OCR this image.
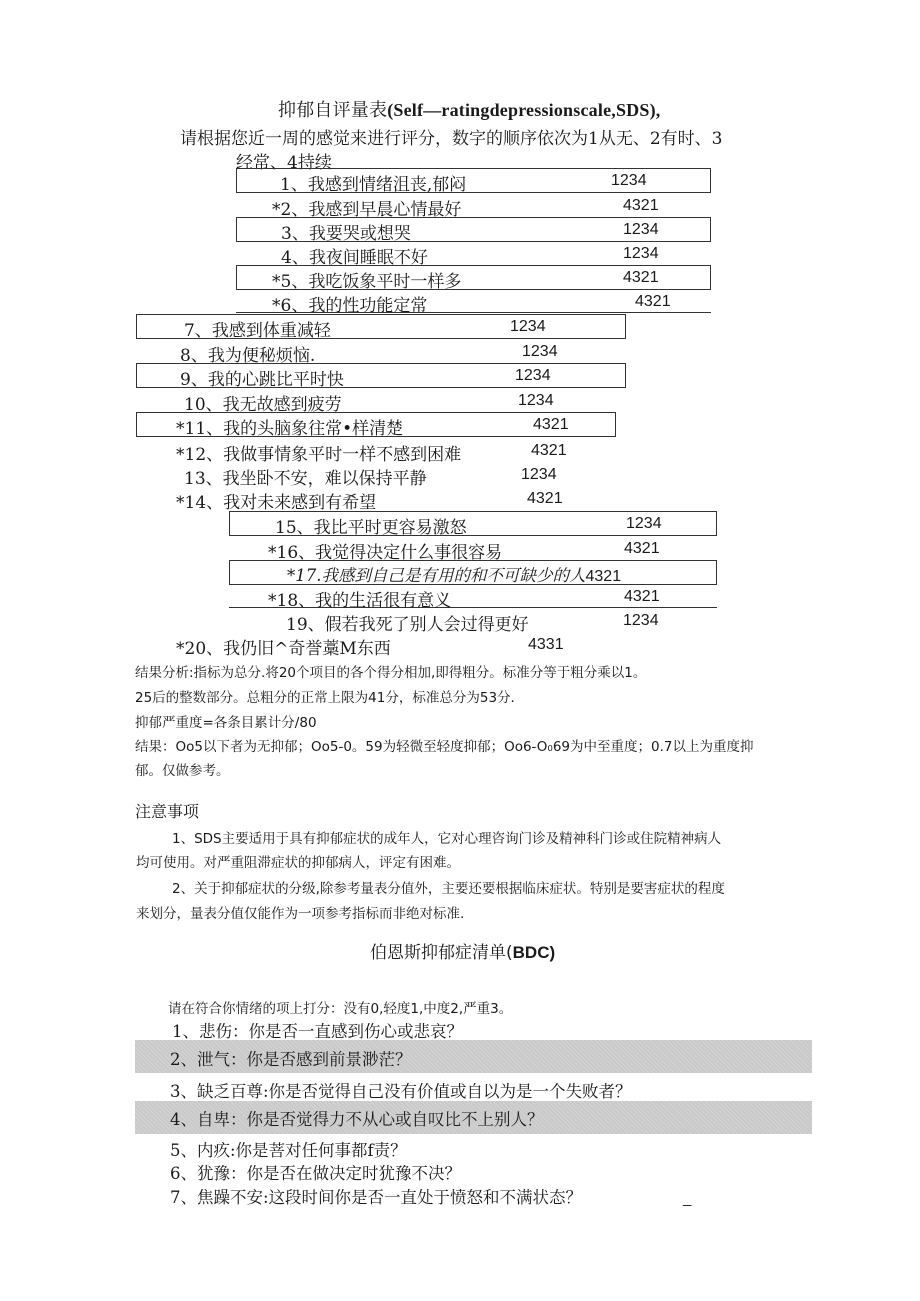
抑郁自评量表(Self—ratingdepressionscale,SDS),
请根据您近一周的感觉来进行评分，数字的顺序依次为1从无、2有时、3
经常、4持续
1、我感到情绪沮丧,郁闷	1234
*2、我感到早晨心情最好	4321
3、我要哭或想哭	1234
4、我夜间睡眠不好	1234
*5、我吃饭象平时一样多	4321
*6、我的性功能定常	4321
7、我感到体重减轻	1234
8、我为便秘烦恼.	1234
9、我的心跳比平时快	1234
10、我无故感到疲劳	1234
*11、我的头脑象往常•样清楚	4321
*12、我做事情象平时一样不感到困难	4321
13、我坐卧不安，难以保持平静	1234
*14、我对未来感到有希望	4321
15、我比平时更容易激怒	1234
*16、我觉得决定什么事很容易	4321
*17.我感到自己是有用的和不可缺少的人4321
*18、我的生活很有意义	4321
19、假若我死了别人会过得更好	1234
*20、我仍旧^奇誉藁M东西	4331
结果分析:指标为总分.将20个项目的各个得分相加,即得粗分。标准分等于粗分乘以1。
25后的整数部分。总粗分的正常上限为41分，标准总分为53分.
抑郁严重度=各条目累计分/80
结果：Oo5以下者为无抑郁；Oo5-0。59为轻微至轻度抑郁；Oo6-O₀69为中至重度；0.7以上为重度抑
郁。仅做参考。
注意事项
1、SDS主要适用于具有抑郁症状的成年人，它对心理咨询门诊及精神科门诊或住院精神病人
均可使用。对严重阻滞症状的抑郁病人，评定有困难。
2、关于抑郁症状的分级,除参考量表分值外，主要还要根据临床症状。特别是要害症状的程度
来划分，量表分值仅能作为一项参考指标而非绝对标准.
伯恩斯抑郁症清单(BDC)
请在符合你情绪的项上打分：没有0,轻度1,中度2,严重3。
1、悲伤：你是否一直感到伤心或悲哀？
2、泄气：你是否感到前景渺茫？
3、缺乏百尊:你是否觉得自己没有价值或自以为是一个失败者？
4、自卑：你是否觉得力不从心或自叹比不上别人？
5、内疚:你是菩对任何事都f责？
6、犹豫：你是否在做决定时犹豫不决？
7、焦躁不安:这段时间你是否一直处于愤怒和不满状态？	_
